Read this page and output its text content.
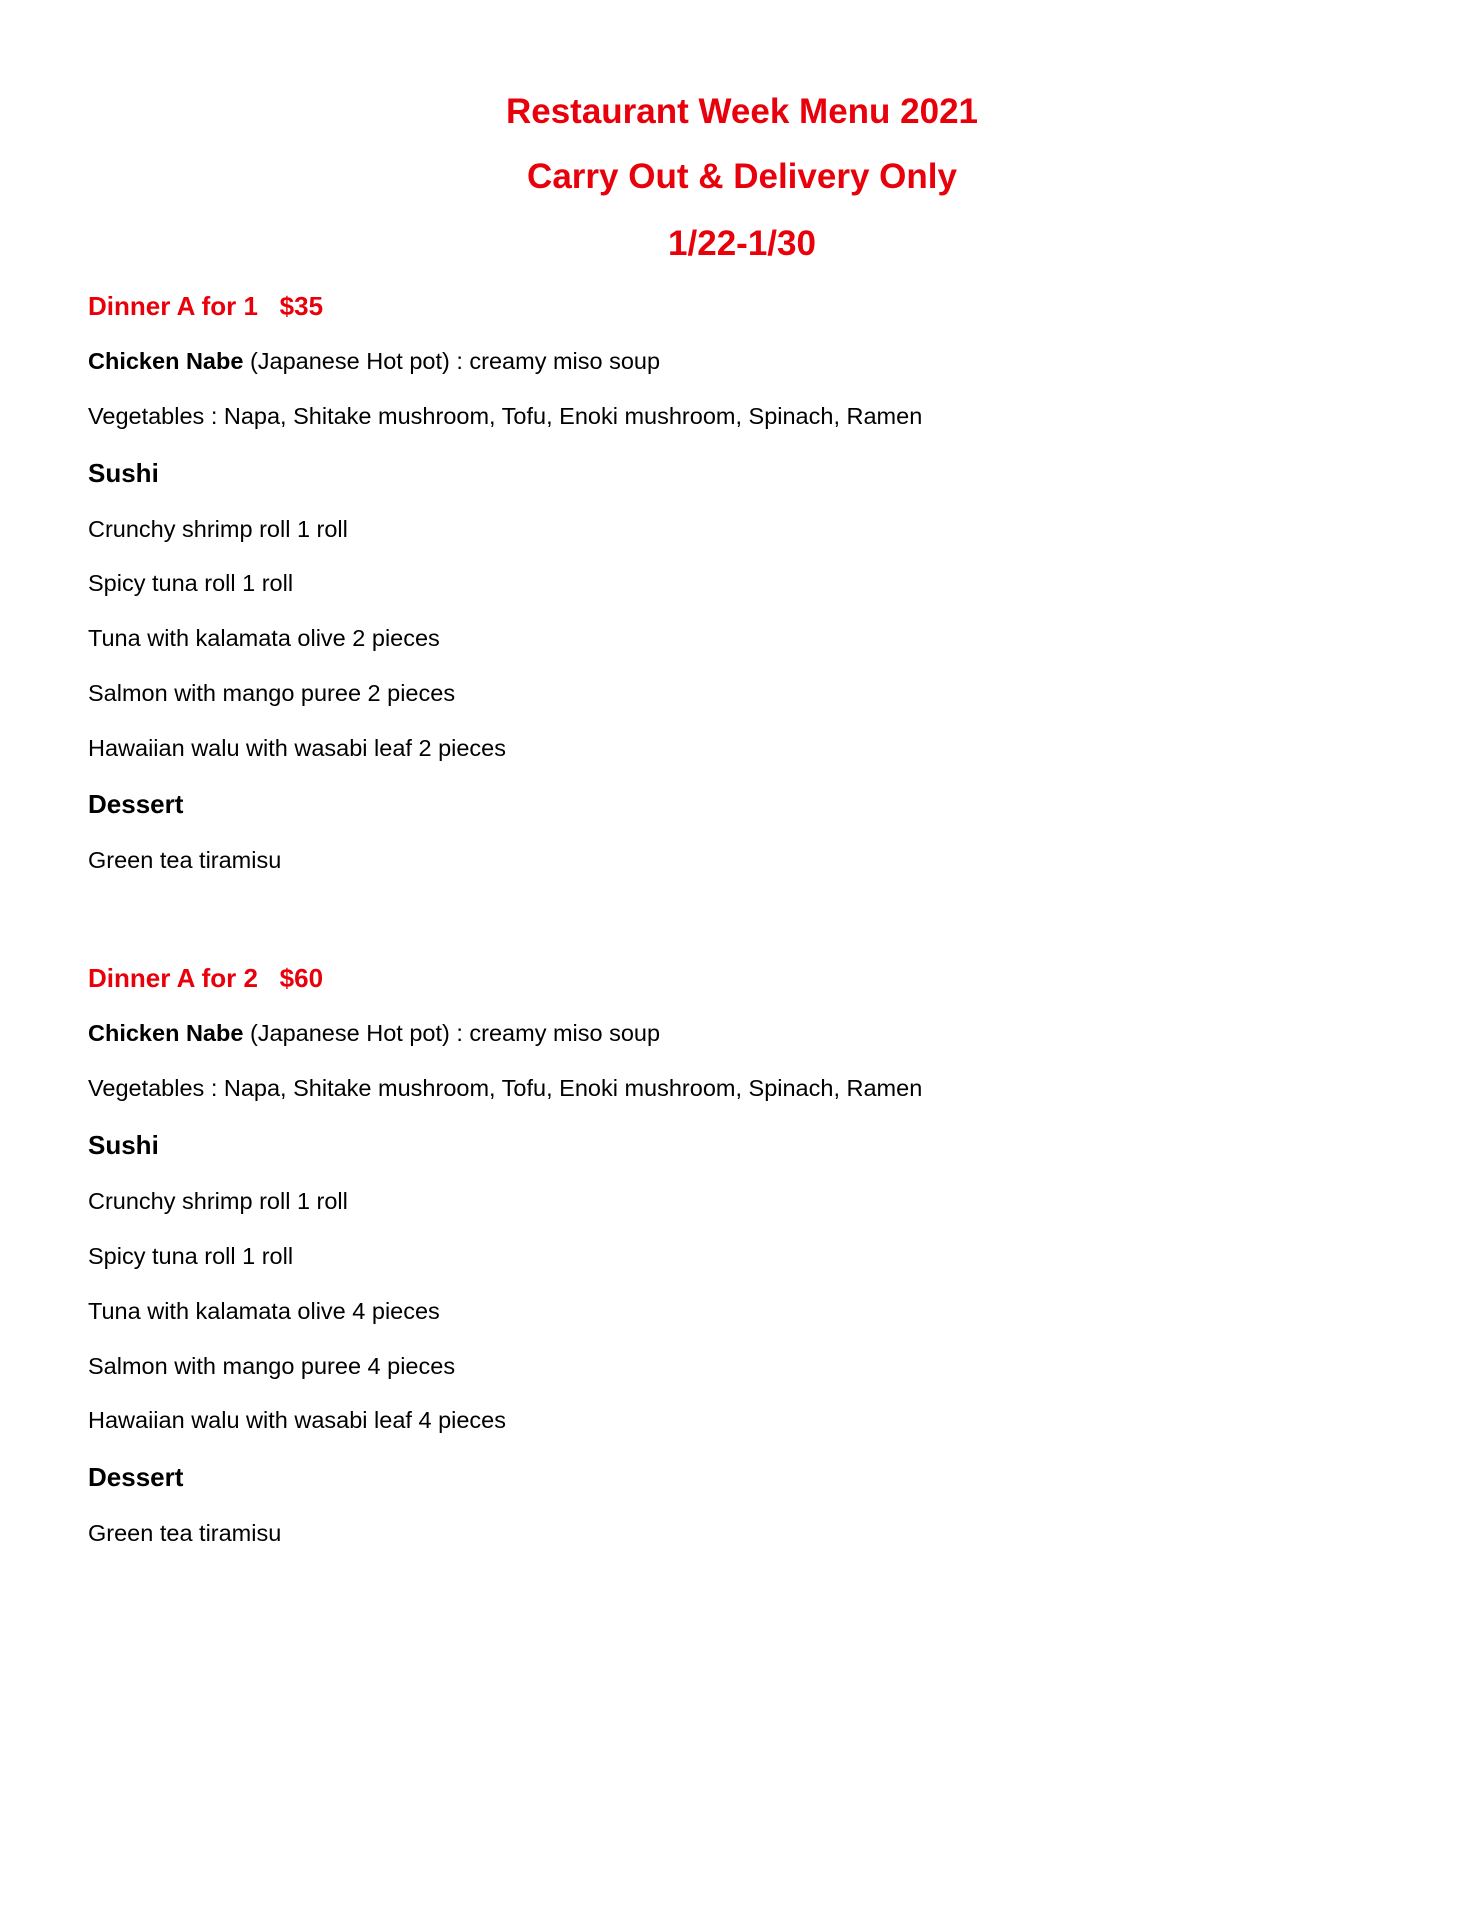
Restaurant Week Menu 2021
Carry Out & Delivery Only
1/22-1/30
Dinner A for 1 $35
Chicken Nabe (Japanese Hot pot) : creamy miso soup
Vegetables : Napa, Shitake mushroom, Tofu, Enoki mushroom, Spinach, Ramen
Sushi
Crunchy shrimp roll 1 roll
Spicy tuna roll 1 roll
Tuna with kalamata olive 2 pieces
Salmon with mango puree 2 pieces
Hawaiian walu with wasabi leaf 2 pieces
Dessert
Green tea tiramisu
Dinner A for 2 $60
Chicken Nabe (Japanese Hot pot) : creamy miso soup
Vegetables : Napa, Shitake mushroom, Tofu, Enoki mushroom, Spinach, Ramen
Sushi
Crunchy shrimp roll 1 roll
Spicy tuna roll 1 roll
Tuna with kalamata olive 4 pieces
Salmon with mango puree 4 pieces
Hawaiian walu with wasabi leaf 4 pieces
Dessert
Green tea tiramisu
